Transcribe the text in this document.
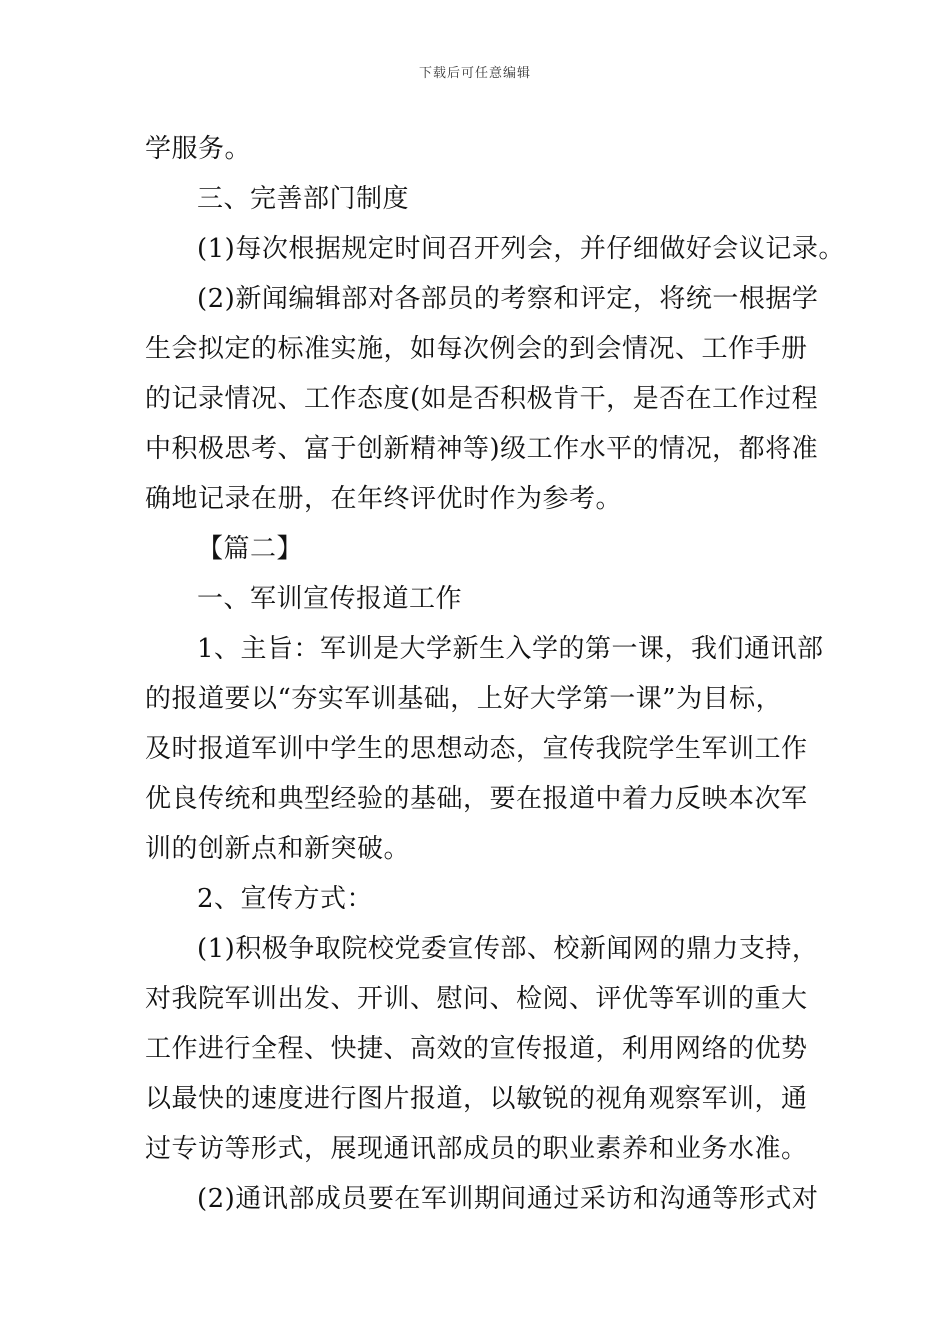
下载后可任意编辑
学服务。
三、完善部门制度
(1)每次根据规定时间召开列会，并仔细做好会议记录。
(2)新闻编辑部对各部员的考察和评定，将统一根据学
生会拟定的标准实施，如每次例会的到会情况、工作手册
的记录情况、工作态度(如是否积极肯干，是否在工作过程
中积极思考、富于创新精神等)级工作水平的情况，都将准
确地记录在册，在年终评优时作为参考。
【篇二】
一、军训宣传报道工作
1、主旨：军训是大学新生入学的第一课，我们通讯部
的报道要以“夯实军训基础，上好大学第一课”为目标，
及时报道军训中学生的思想动态，宣传我院学生军训工作
优良传统和典型经验的基础，要在报道中着力反映本次军
训的创新点和新突破。
2、宣传方式：
(1)积极争取院校党委宣传部、校新闻网的鼎力支持，
对我院军训出发、开训、慰问、检阅、评优等军训的重大
工作进行全程、快捷、高效的宣传报道，利用网络的优势
以最快的速度进行图片报道，以敏锐的视角观察军训，通
过专访等形式，展现通讯部成员的职业素养和业务水准。
(2)通讯部成员要在军训期间通过采访和沟通等形式对
